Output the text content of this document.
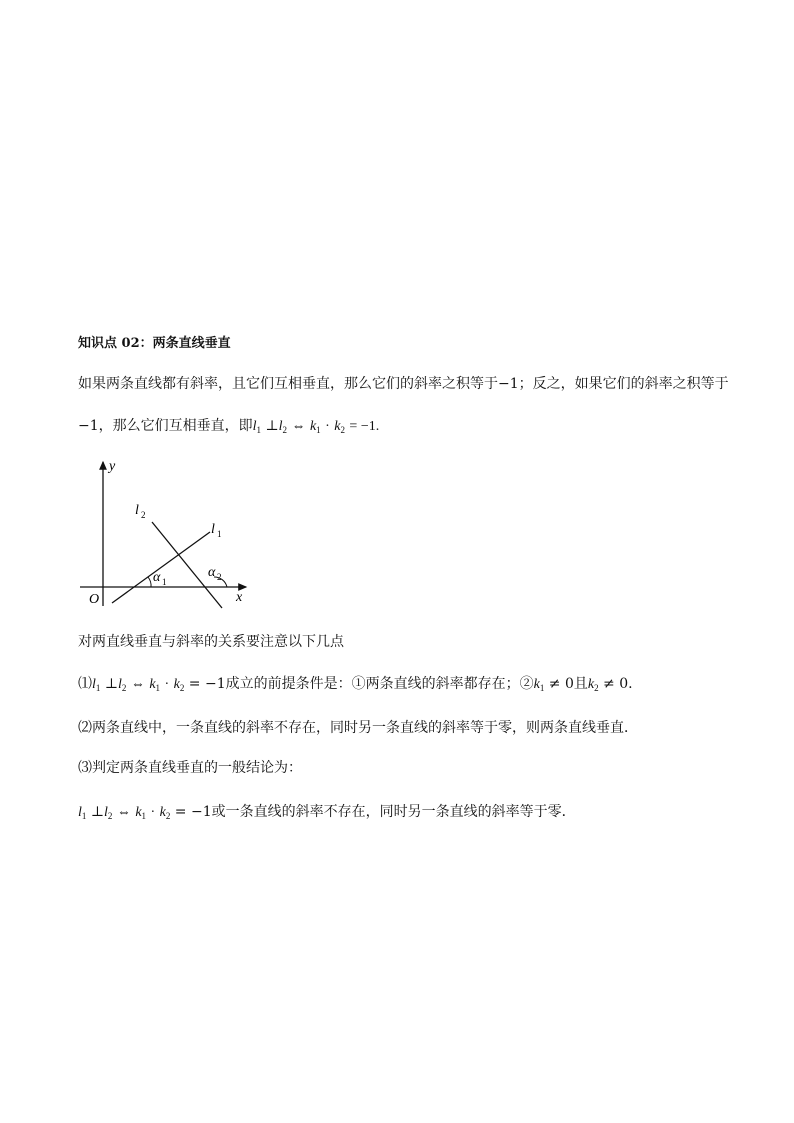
知识点 02：两条直线垂直
如果两条直线都有斜率，且它们互相垂直，那么它们的斜率之积等于−1；反之，如果它们的斜率之积等于
−1，那么它们互相垂直，即$l_1$ $\perp l_2$ ⇔ $k_1 \cdot k_2 = -1$.
y
x
O
l 2
l 1
α 1
α 2
对两直线垂直与斜率的关系要注意以下几点
$⑴l_1$ $\perp l_2$ ⇔ $k_1 \cdot k_2 = -1$成立的前提条件是：①两条直线的斜率都存在；$②k_1 \ne 0$且$k_2 \ne 0$.
⑵两条直线中，一条直线的斜率不存在，同时另一条直线的斜率等于零，则两条直线垂直．
⑶判定两条直线垂直的一般结论为：
$l_1$ $\perp l_2$ ⇔ $k_1 \cdot k_2 = -1$或一条直线的斜率不存在，同时另一条直线的斜率等于零．
